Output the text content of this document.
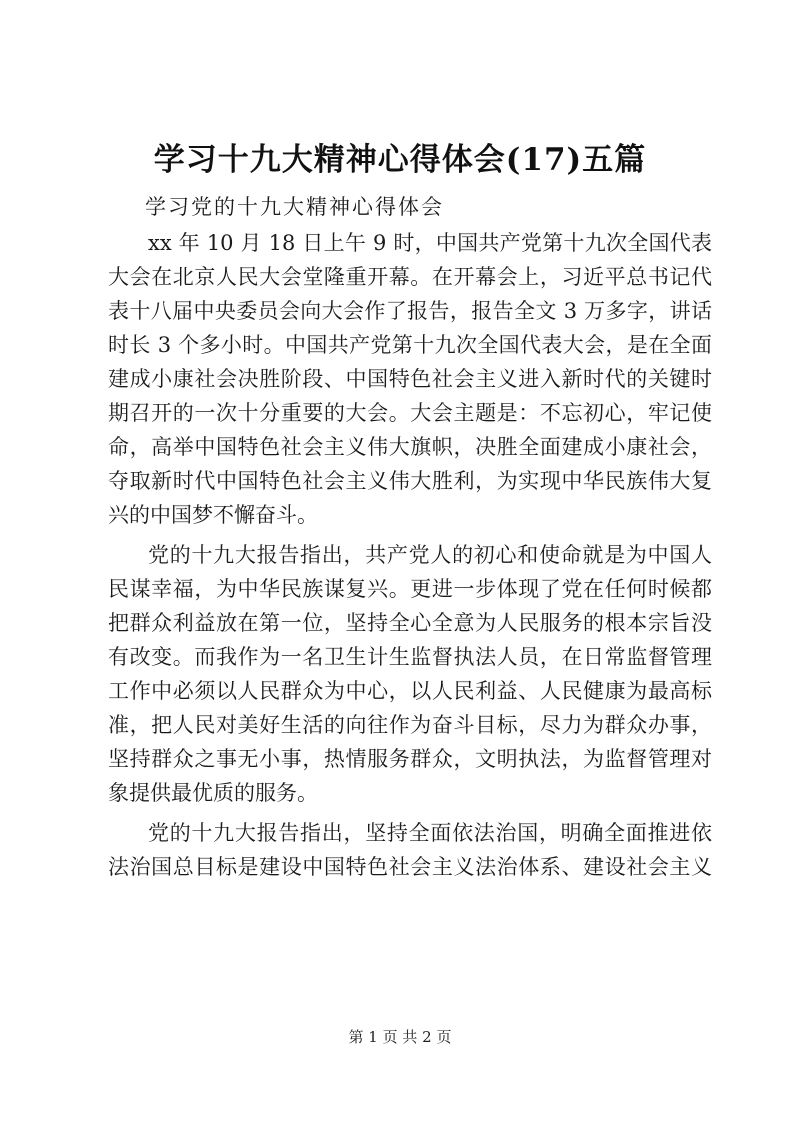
学习十九大精神心得体会(17)五篇
学习党的十九大精神心得体会

xx 年 10 月 18 日上午 9 时，中国共产党第十九次全国代表
大会在北京人民大会堂隆重开幕。在开幕会上，习近平总书记代
表十八届中央委员会向大会作了报告，报告全文 3 万多字，讲话
时长 3 个多小时。中国共产党第十九次全国代表大会，是在全面
建成小康社会决胜阶段、中国特色社会主义进入新时代的关键时
期召开的一次十分重要的大会。大会主题是：不忘初心，牢记使
命，高举中国特色社会主义伟大旗帜，决胜全面建成小康社会，
夺取新时代中国特色社会主义伟大胜利，为实现中华民族伟大复
兴的中国梦不懈奋斗。

党的十九大报告指出，共产党人的初心和使命就是为中国人
民谋幸福，为中华民族谋复兴。更进一步体现了党在任何时候都
把群众利益放在第一位，坚持全心全意为人民服务的根本宗旨没
有改变。而我作为一名卫生计生监督执法人员，在日常监督管理
工作中必须以人民群众为中心，以人民利益、人民健康为最高标
准，把人民对美好生活的向往作为奋斗目标，尽力为群众办事，
坚持群众之事无小事，热情服务群众，文明执法，为监督管理对
象提供最优质的服务。

党的十九大报告指出，坚持全面依法治国，明确全面推进依
法治国总目标是建设中国特色社会主义法治体系、建设社会主义

第 1 页 共 2 页
